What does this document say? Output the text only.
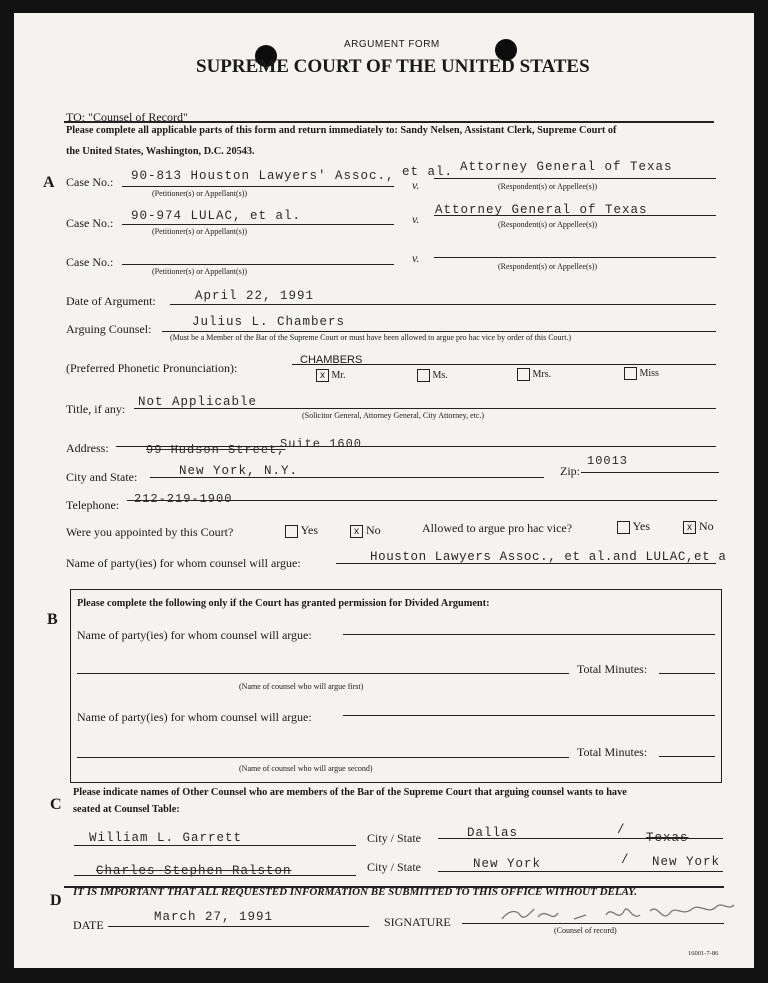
ARGUMENT FORM
SUPREME COURT OF THE UNITED STATES
TO: "Counsel of Record"
Please complete all applicable parts of this form and return immediately to: Sandy Nelsen, Assistant Clerk, Supreme Court of
the United States, Washington, D.C. 20543.
A Case No.: 90-813 Houston Lawyers' Assoc., et al.
(Petitioner(s) or Appellant(s))
v.
Attorney General of Texas
(Respondent(s) or Appellee(s))
Case No.: 90-974 LULAC, et al.
(Petitioner(s) or Appellant(s))
v.
Attorney General of Texas
(Respondent(s) or Appellee(s))
Case No.:
(Petitioner(s) or Appellant(s))
v.
(Respondent(s) or Appellee(s))
Date of Argument:	April 22, 1991
Arguing Counsel:	Julius L. Chambers
(Must be a Member of the Bar of the Supreme Court or must have been allowed to argue pro hac vice by order of this Court.)
(Preferred Phonetic Pronunciation):
CHAMBERS
x Mr.	Ms.	Mrs.	Miss
Title, if any: Not Applicable
(Solicitor General, Attorney General, City Attorney, etc.)
Address:	99 Hudson Street,
Suite 1600
City and State:	New York, N.Y.	Zip:
10013
Telephone: 212-219-1900
Were you appointed by this Court?	Yes	x No	Allowed to argue pro hac vice?	Yes	x No
Name of party(ies) for whom counsel will argue:	Houston Lawyers Assoc., et al.and LULAC,et a
B
Please complete the following only if the Court has granted permission for Divided Argument:
Name of party(ies) for whom counsel will argue:
Total Minutes:
(Name of counsel who will argue first)
Name of party(ies) for whom counsel will argue:
Total Minutes:
(Name of counsel who will argue second)
C
Please indicate names of Other Counsel who are members of the Bar of the Supreme Court that arguing counsel wants to have
seated at Counsel Table:
William L. Garrett	City / State	Dallas	/
Texas
Charles Stephen Ralston	City / State	New York	/ New York
D IT IS IMPORTANT THAT ALL REQUESTED INFORMATION BE SUBMITTED TO THIS OFFICE WITHOUT DELAY.
DATE
March 27, 1991	SIGNATURE
(Counsel of record)
16001-7-86
